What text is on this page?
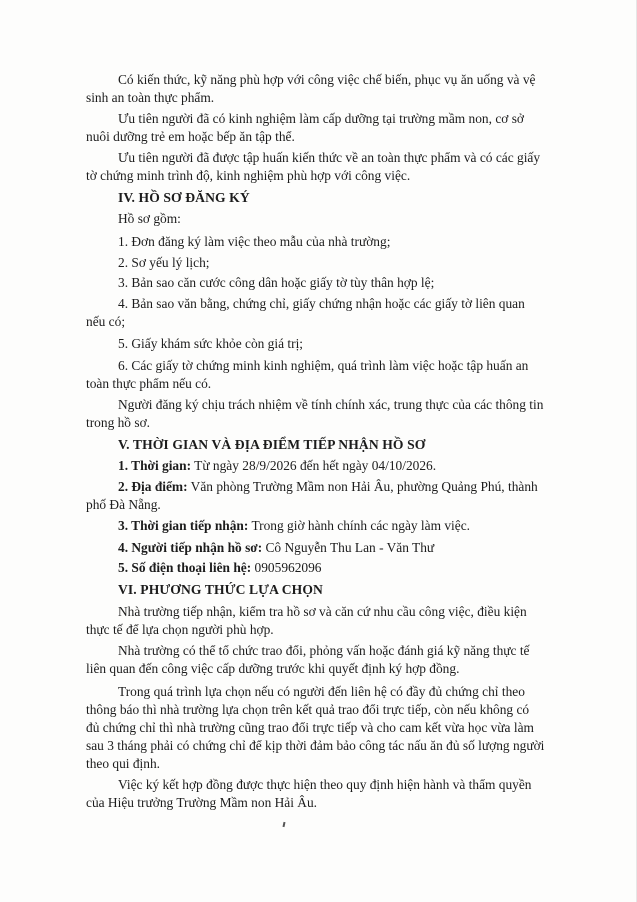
Có kiến thức, kỹ năng phù hợp với công việc chế biến, phục vụ ăn uống và vệ
sinh an toàn thực phẩm.
Ưu tiên người đã có kinh nghiệm làm cấp dưỡng tại trường mầm non, cơ sở
nuôi dưỡng trẻ em hoặc bếp ăn tập thể.
Ưu tiên người đã được tập huấn kiến thức về an toàn thực phẩm và có các giấy
tờ chứng minh trình độ, kinh nghiệm phù hợp với công việc.
IV. HỒ SƠ ĐĂNG KÝ
Hồ sơ gồm:
1. Đơn đăng ký làm việc theo mẫu của nhà trường;
2. Sơ yếu lý lịch;
3. Bản sao căn cước công dân hoặc giấy tờ tùy thân hợp lệ;
4. Bản sao văn bằng, chứng chỉ, giấy chứng nhận hoặc các giấy tờ liên quan
nếu có;
5. Giấy khám sức khỏe còn giá trị;
6. Các giấy tờ chứng minh kinh nghiệm, quá trình làm việc hoặc tập huấn an
toàn thực phẩm nếu có.
Người đăng ký chịu trách nhiệm về tính chính xác, trung thực của các thông tin
trong hồ sơ.
V. THỜI GIAN VÀ ĐỊA ĐIỂM TIẾP NHẬN HỒ SƠ
1. Thời gian: Từ ngày 28/9/2026 đến hết ngày 04/10/2026.
2. Địa điểm: Văn phòng Trường Mầm non Hải Âu, phường Quảng Phú, thành
phố Đà Nẵng.
3. Thời gian tiếp nhận: Trong giờ hành chính các ngày làm việc.
4. Người tiếp nhận hồ sơ: Cô Nguyễn Thu Lan - Văn Thư
5. Số điện thoại liên hệ: 0905962096
VI. PHƯƠNG THỨC LỰA CHỌN
Nhà trường tiếp nhận, kiểm tra hồ sơ và căn cứ nhu cầu công việc, điều kiện
thực tế để lựa chọn người phù hợp.
Nhà trường có thể tổ chức trao đổi, phỏng vấn hoặc đánh giá kỹ năng thực tế
liên quan đến công việc cấp dưỡng trước khi quyết định ký hợp đồng.
Trong quá trình lựa chọn nếu có người đến liên hệ có đầy đủ chứng chỉ theo
thông báo thì nhà trường lựa chọn trên kết quả trao đổi trực tiếp, còn nếu không có
đủ chứng chỉ thì nhà trường cũng trao đổi trực tiếp và cho cam kết vừa học vừa làm
sau 3 tháng phải có chứng chỉ để kịp thời đảm bảo công tác nấu ăn đủ số lượng người
theo qui định.
Việc ký kết hợp đồng được thực hiện theo quy định hiện hành và thẩm quyền
của Hiệu trưởng Trường Mầm non Hải Âu.
